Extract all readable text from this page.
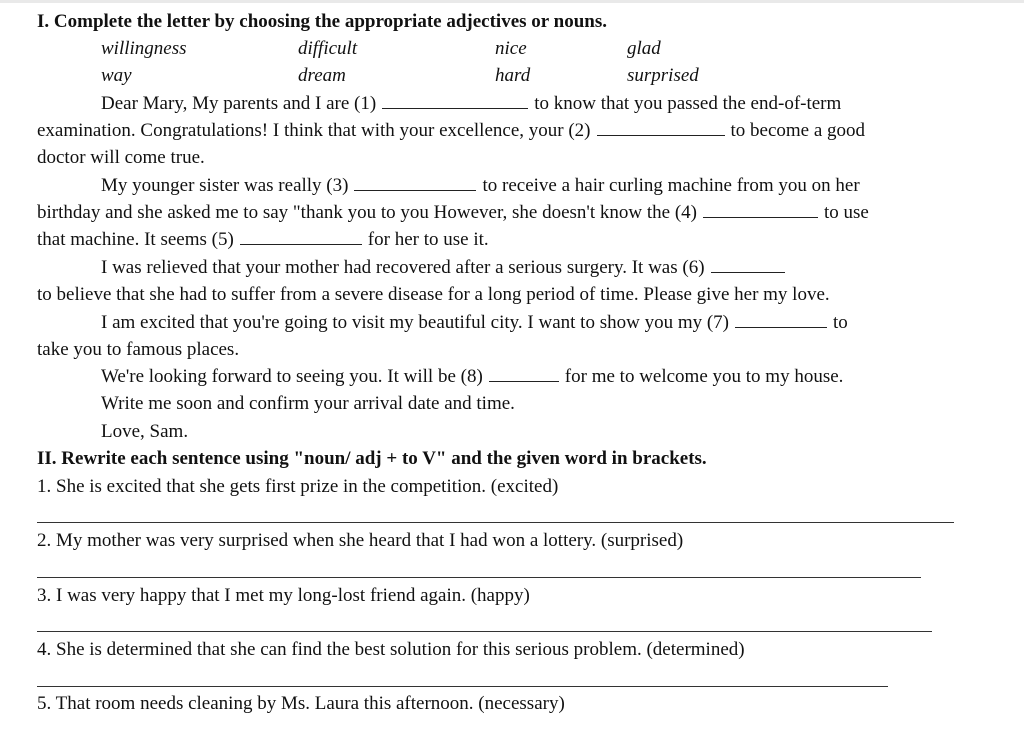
I. Complete the letter by choosing the appropriate adjectives or nouns.
willingness	difficult	nice	glad
way	dream	hard	surprised
Dear Mary, My parents and I are (1)	to know that you passed the end-of-term
examination. Congratulations! I think that with your excellence, your (2)	to become a good
doctor will come true.
My younger sister was really (3)	to receive a hair curling machine from you on her
birthday and she asked me to say "thank you to you However, she doesn't know the (4)	to use
that machine. It seems (5)	for her to use it.
I was relieved that your mother had recovered after a serious surgery. It was (6)
to believe that she had to suffer from a severe disease for a long period of time. Please give her my love.
I am excited that you're going to visit my beautiful city. I want to show you my (7)	to
take you to famous places.
We're looking forward to seeing you. It will be (8)	for me to welcome you to my house.
Write me soon and confirm your arrival date and time.
Love, Sam.
II. Rewrite each sentence using "noun/ adj + to V" and the given word in brackets.
1. She is excited that she gets first prize in the competition. (excited)
2. My mother was very surprised when she heard that I had won a lottery. (surprised)
3. I was very happy that I met my long-lost friend again. (happy)
4. She is determined that she can find the best solution for this serious problem. (determined)
5. That room needs cleaning by Ms. Laura this afternoon. (necessary)
